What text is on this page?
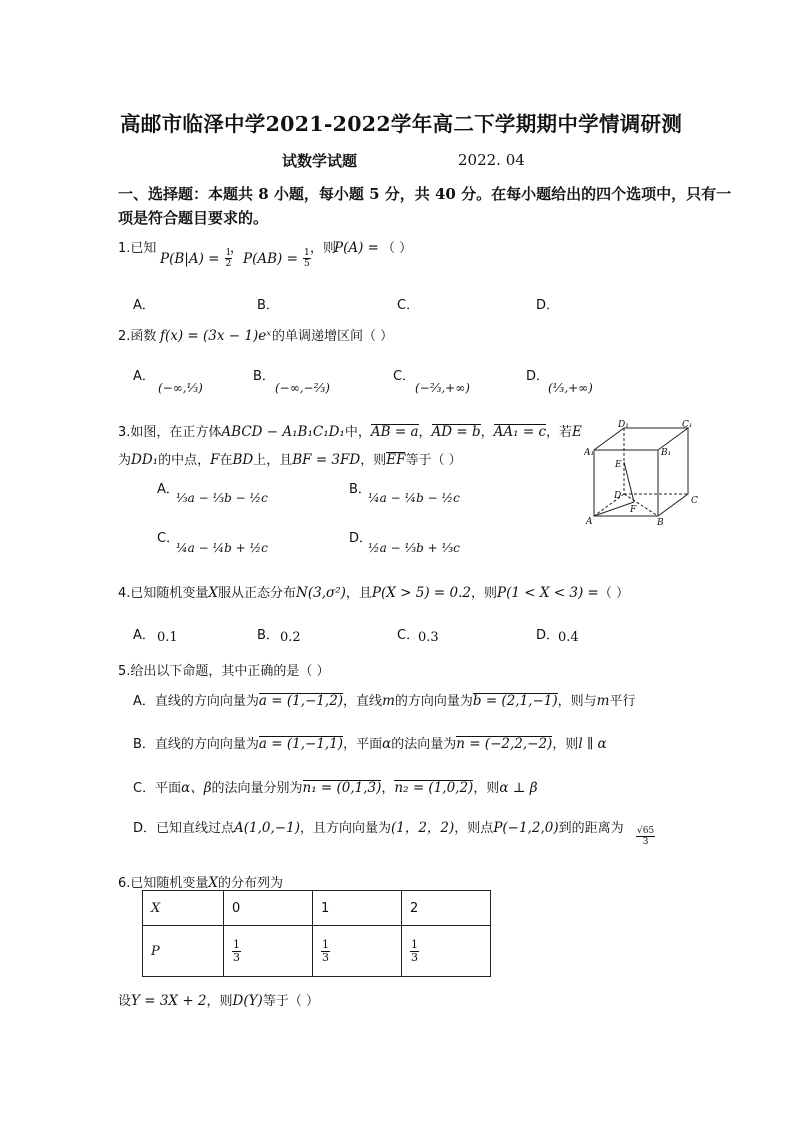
高邮市临泽中学2021-2022学年高二下学期期中学情调研测
试数学试题	2022. 04
一、选择题：本题共 8 小题，每小题 5 分，共 40 分。在每小题给出的四个选项中，只有一
项是符合题目要求的。
1.已知
$P(B|A) = \frac{1}{2}$
，
$P(AB) = \frac{1}{5}$ ，则
P(A) = （ ）
A．	B．	C．	D．
2.函数 f(x) = (3x − 1)eˣ 的单调递增区间（ ）
A．
(−∞,⅓)
B．
(−∞,−⅔)
C．
(−⅔,+∞)
D．
(⅓,+∞)
3.如图，在正方体ABCD − A₁B₁C₁D₁中，AB = a，AD = b，AA₁ = c，若E
为DD₁的中点，F在BD上，且BF = 3FD，则EF等于（ ）
A．
⅓a − ⅓b − ½c
B．
¼a − ¼b − ½c
C．
¼a − ¼b + ½c
D．
½a − ⅓b + ⅓c
D₁	C₁
A₁	B₁
E
D	C
A
F
B
4.已知随机变量X服从正态分布N(3,σ²)，且P(X > 5) = 0.2，则P(1 < X < 3) =（ ）
A． 0.1	B． 0.2	C．
0.3	D．
0.4
5.给出以下命题，其中正确的是（ ）
A．直线的方向向量为a = (1,−1,2)，直线m的方向向量为b = (2,1,−1)，则与m平行
B．直线的方向向量为a = (1,−1,1)，平面α的法向量为n = (−2,2,−2)，则l ∥ α
C．平面α、β的法向量分别为n₁ = (0,1,3)，n₂ = (1,0,2)，则α ⊥ β
D．已知直线过点A(1,0,−1)，且方向向量为(1，2，2)，则点P(−1,2,0)到的距离为 $\frac{√65}{3}$
6.已知随机变量X的分布列为
X	0	1	2
P	$\frac{1}{3}$	$\frac{1}{3}$	$\frac{1}{3}$
设Y = 3X + 2，则D(Y)等于（ ）
